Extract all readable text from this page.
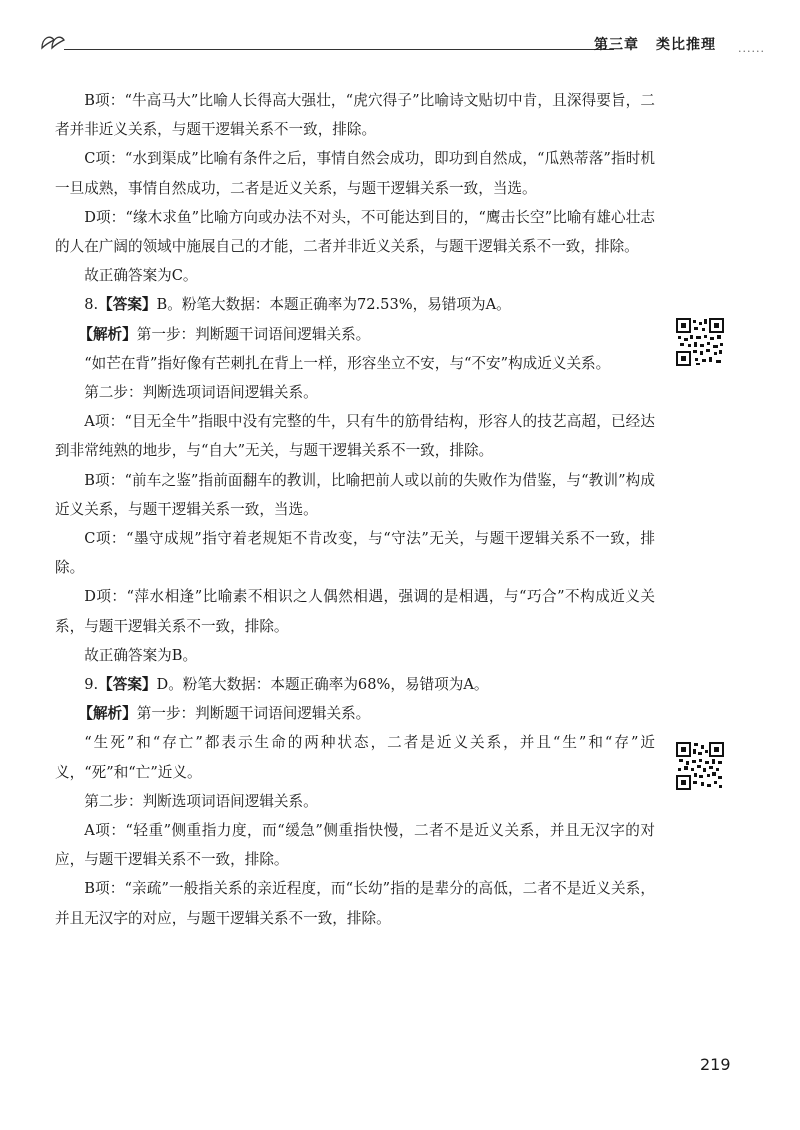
第三章 类比推理 ......

B项：“牛高马大”比喻人长得高大强壮，“虎穴得子”比喻诗文贴切中肯，且深得要旨，二者并非近义关系，与题干逻辑关系不一致，排除。

C项：“水到渠成”比喻有条件之后，事情自然会成功，即功到自然成，“瓜熟蒂落”指时机一旦成熟，事情自然成功，二者是近义关系，与题干逻辑关系一致，当选。

D项：“缘木求鱼”比喻方向或办法不对头，不可能达到目的，“鹰击长空”比喻有雄心壮志的人在广阔的领域中施展自己的才能，二者并非近义关系，与题干逻辑关系不一致，排除。

故正确答案为C。

8.【答案】B。粉笔大数据：本题正确率为72.53%，易错项为A。

【解析】第一步：判断题干词语间逻辑关系。

“如芒在背”指好像有芒刺扎在背上一样，形容坐立不安，与“不安”构成近义关系。

第二步：判断选项词语间逻辑关系。

A项：“目无全牛”指眼中没有完整的牛，只有牛的筋骨结构，形容人的技艺高超，已经达到非常纯熟的地步，与“自大”无关，与题干逻辑关系不一致，排除。

B项：“前车之鉴”指前面翻车的教训，比喻把前人或以前的失败作为借鉴，与“教训”构成近义关系，与题干逻辑关系一致，当选。

C项：“墨守成规”指守着老规矩不肯改变，与“守法”无关，与题干逻辑关系不一致，排除。

D项：“萍水相逢”比喻素不相识之人偶然相遇，强调的是相遇，与“巧合”不构成近义关系，与题干逻辑关系不一致，排除。

故正确答案为B。

9.【答案】D。粉笔大数据：本题正确率为68%，易错项为A。

【解析】第一步：判断题干词语间逻辑关系。

“生死”和“存亡”都表示生命的两种状态，二者是近义关系，并且“生”和“存”近义，“死”和“亡”近义。

第二步：判断选项词语间逻辑关系。

A项：“轻重”侧重指力度，而“缓急”侧重指快慢，二者不是近义关系，并且无汉字的对应，与题干逻辑关系不一致，排除。

B项：“亲疏”一般指关系的亲近程度，而“长幼”指的是辈分的高低，二者不是近义关系，并且无汉字的对应，与题干逻辑关系不一致，排除。

219
